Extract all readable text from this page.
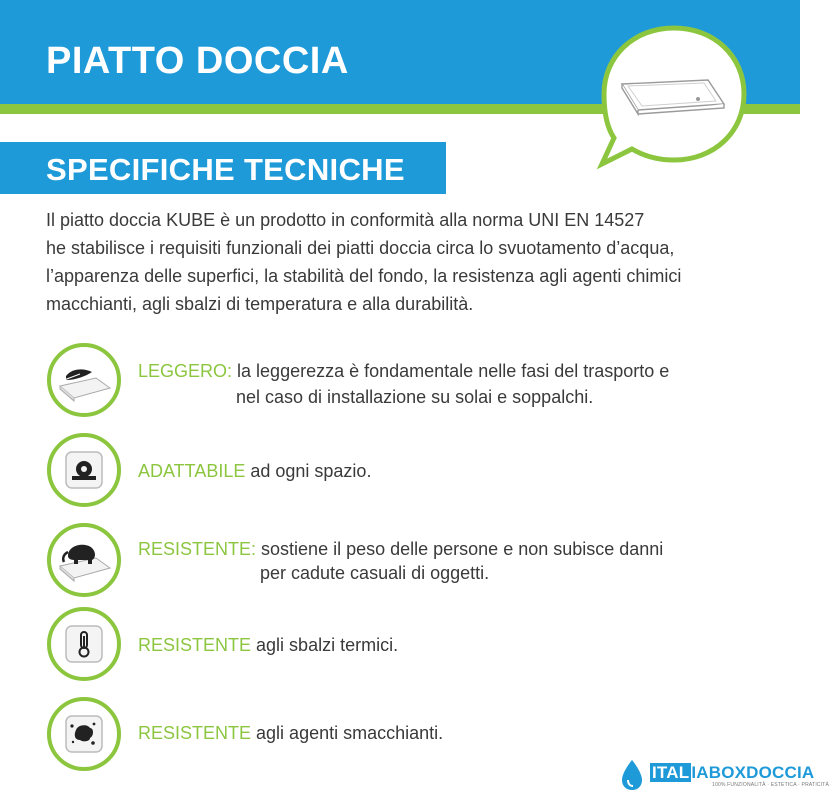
PIATTO DOCCIA
SPECIFICHE TECNICHE

Il piatto doccia KUBE è un prodotto in conformità alla norma UNI EN 14527

he stabilisce i requisiti funzionali dei piatti doccia circa lo svuotamento d’acqua,

l’apparenza delle superfici, la stabilità del fondo, la resistenza agli agenti chimici

macchianti, agli sbalzi di temperatura e alla durabilità.

LEGGERO: la leggerezza è fondamentale nelle fasi del trasporto e
nel caso di installazione su solai e soppalchi.
ADATTABILE ad ogni spazio.
RESISTENTE: sostiene il peso delle persone e non subisce danni
per cadute casuali di oggetti.
RESISTENTE agli sbalzi termici.
RESISTENTE agli agenti smacchianti.
ITAL IABOXDOCCIA
100% FUNZIONALITÀ · ESTETICA · PRATICITÀ
